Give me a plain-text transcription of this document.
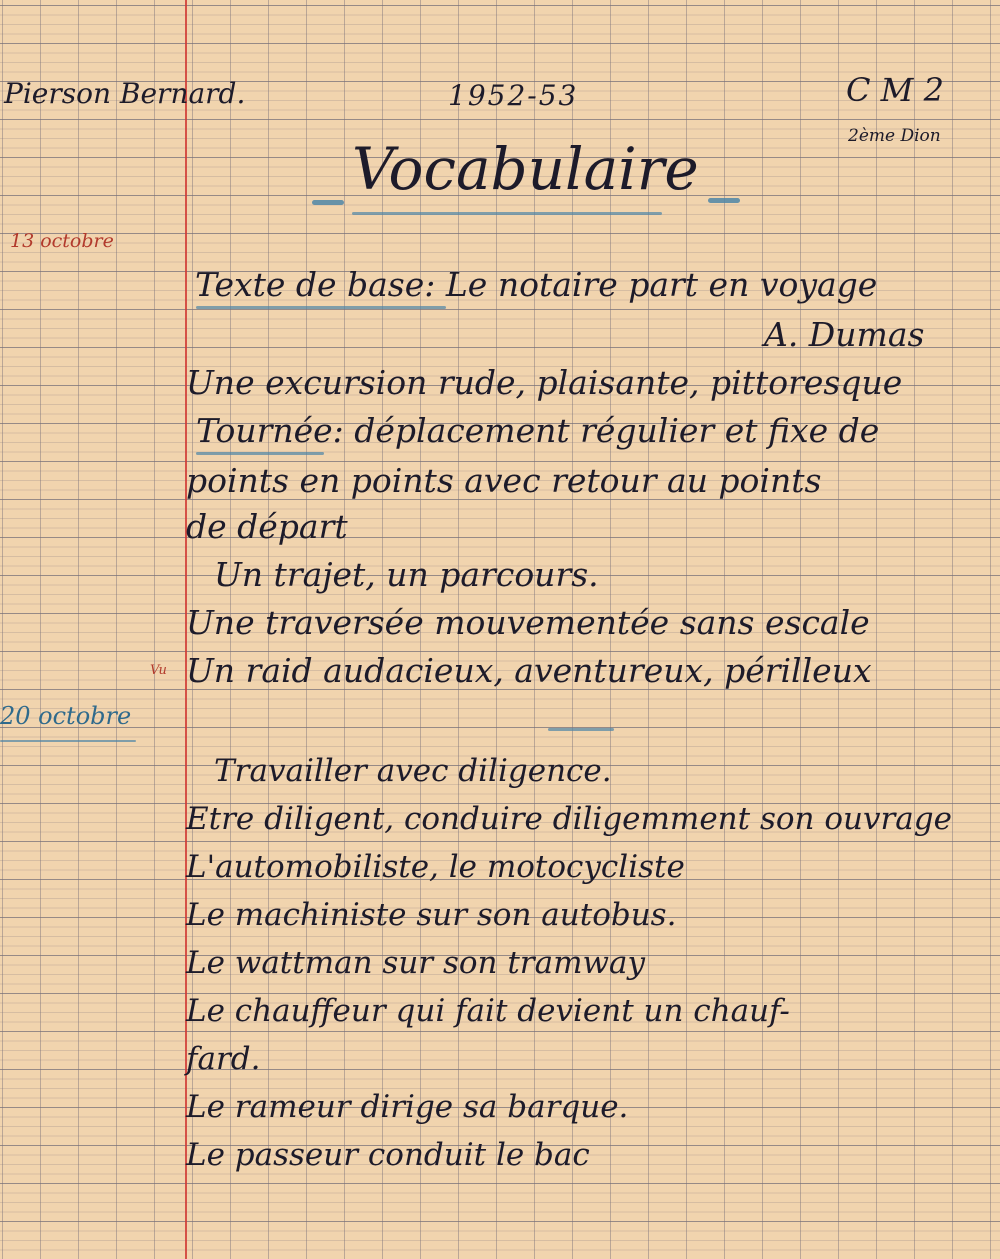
Pierson Bernard.	1952-53	C M 2
2ème Dion
Vocabulaire
13 octobre
Vu
20 octobre
Texte de base: Le notaire part en voyage
A. Dumas
Une excursion rude, plaisante, pittoresque
Tournée: déplacement régulier et fixe de
points en points avec retour au points
de départ
Un trajet, un parcours.
Une traversée mouvementée sans escale
Un raid audacieux, aventureux, périlleux
Travailler avec diligence.
Etre diligent, conduire diligemment son ouvrage
L'automobiliste, le motocycliste
Le machiniste sur son autobus.
Le wattman sur son tramway
Le chauffeur qui fait devient un chauf-
fard.
Le rameur dirige sa barque.
Le passeur conduit le bac
